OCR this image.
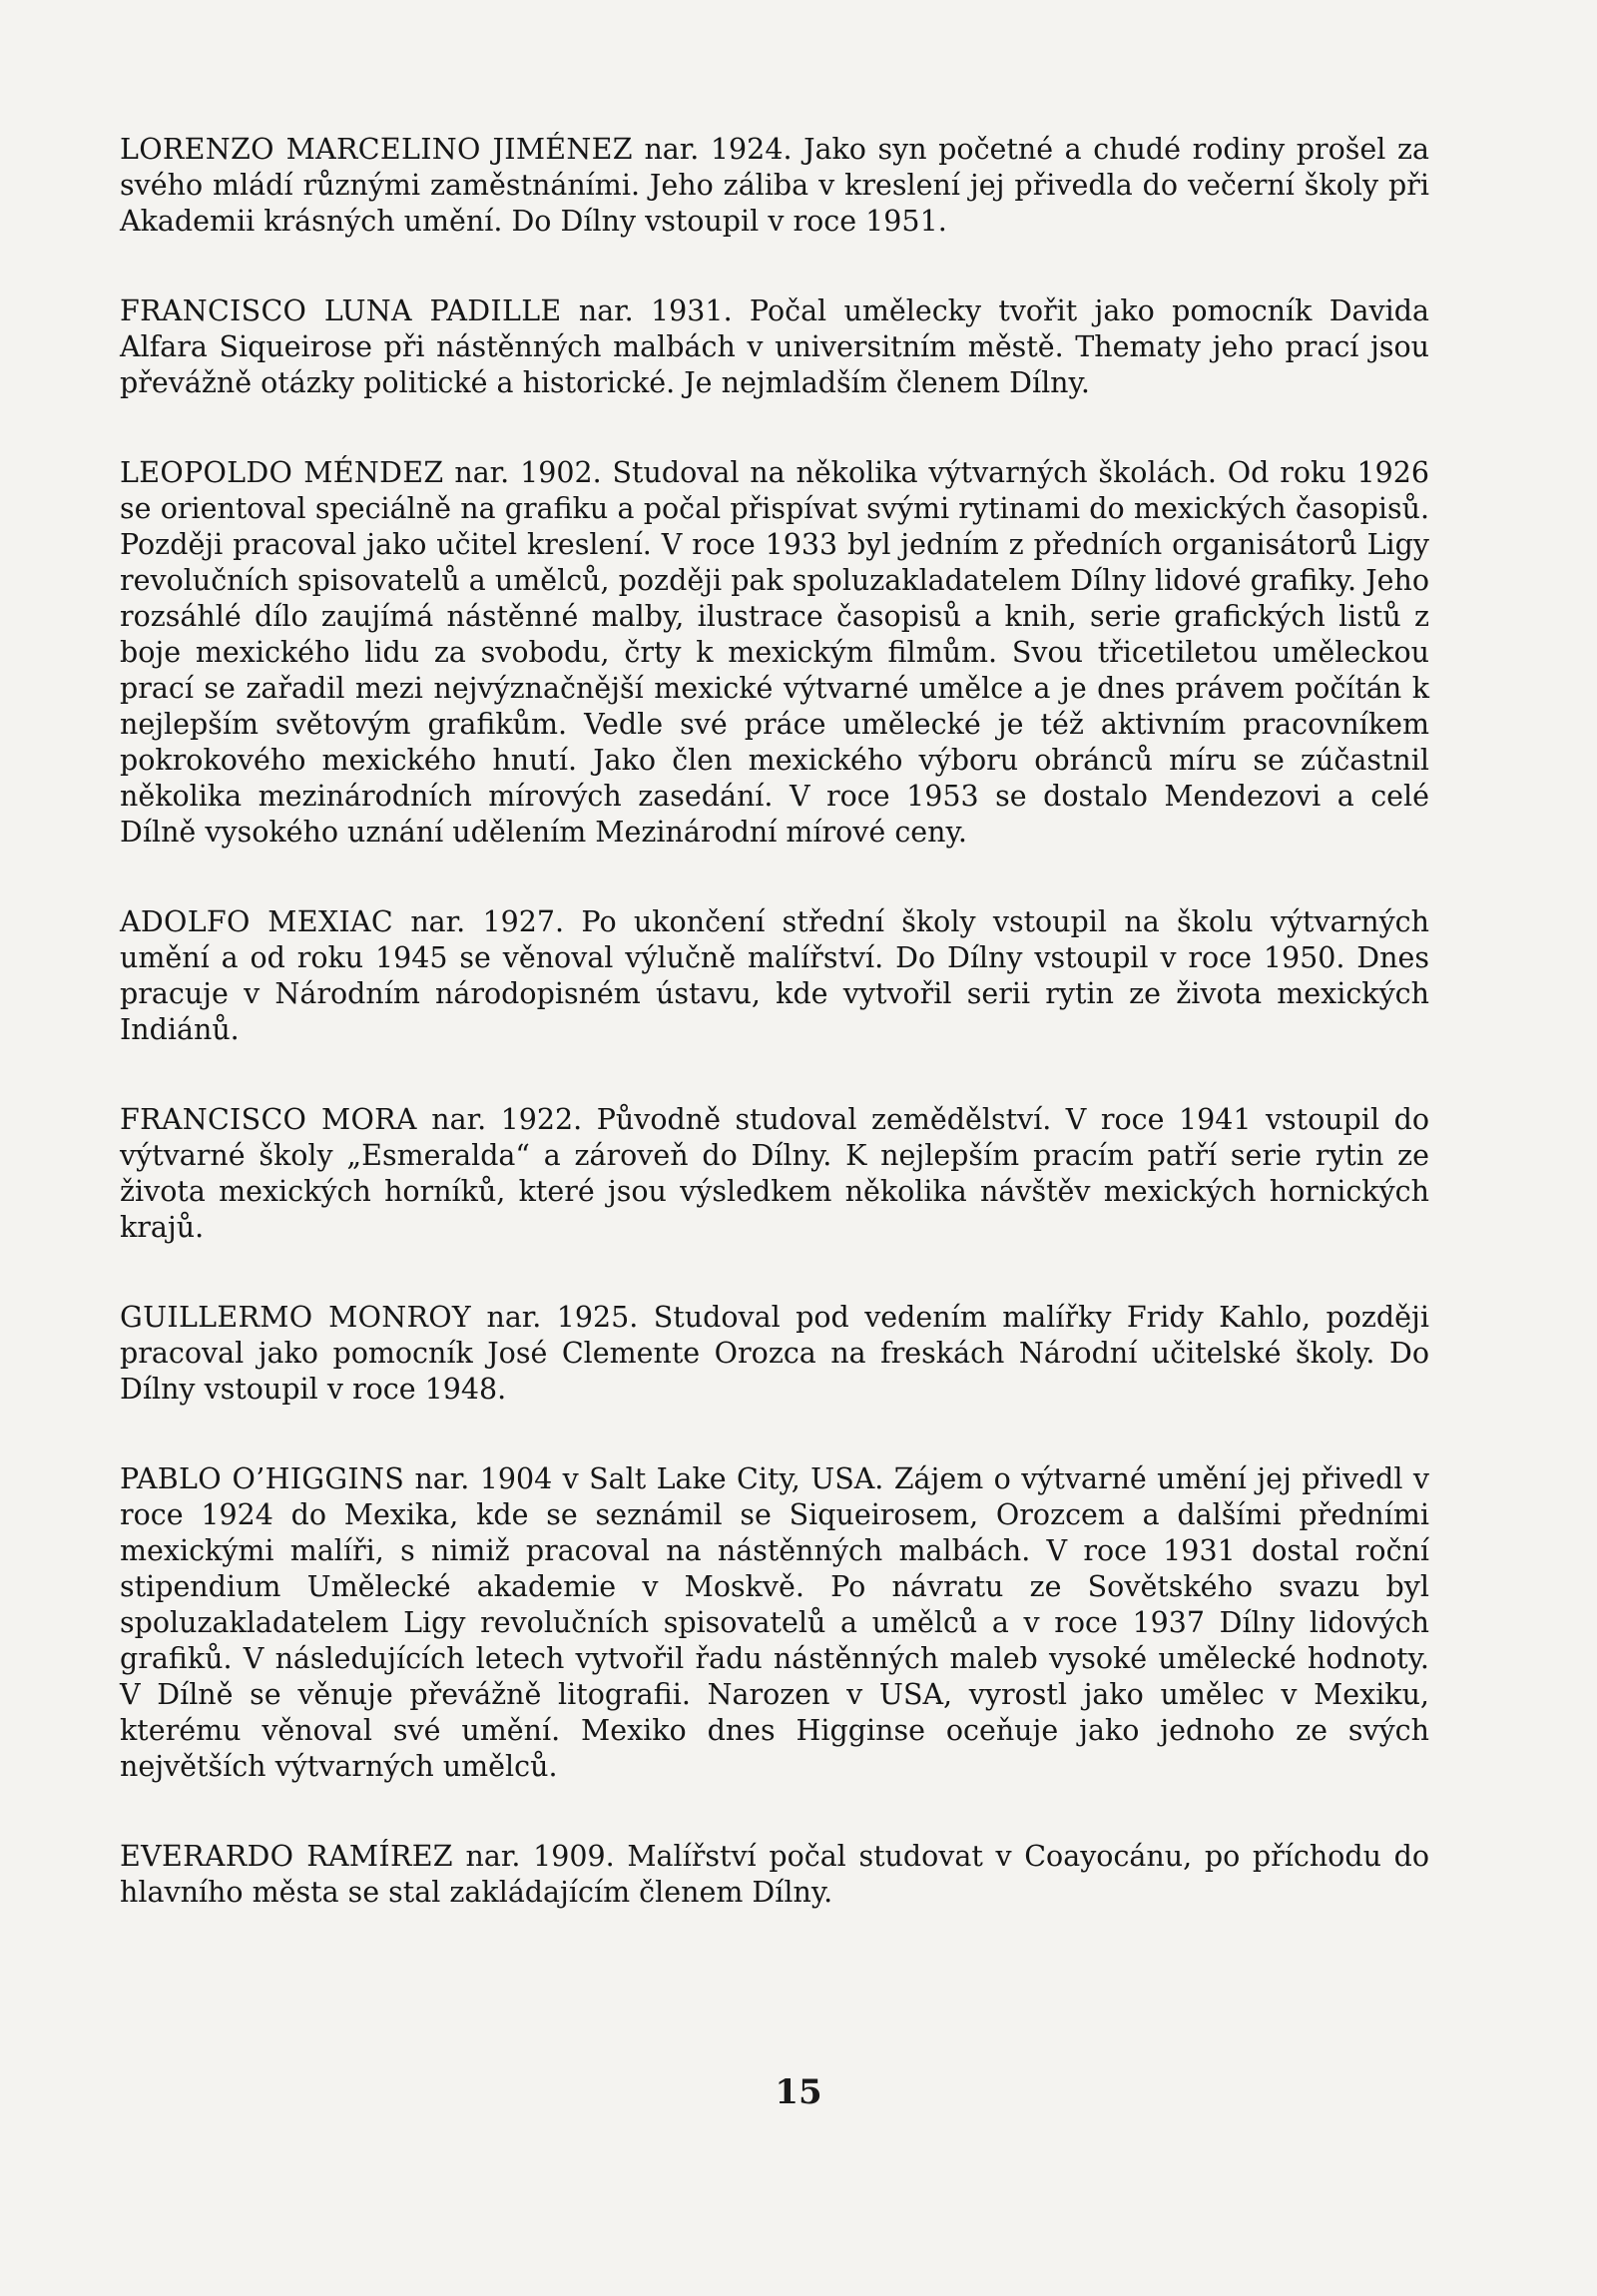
LORENZO MARCELINO JIMÉNEZ nar. 1924. Jako syn početné a chudé rodiny prošel za svého mládí různými zaměstnáními. Jeho záliba v kreslení jej přivedla do večerní školy při Akademii krásných umění. Do Dílny vstoupil v roce 1951.

FRANCISCO LUNA PADILLE nar. 1931. Počal umělecky tvořit jako pomocník Davida Alfara Siqueirose při nástěnných malbách v universitním městě. Thematy jeho prací jsou převážně otázky politické a historické. Je nejmladším členem Dílny.

LEOPOLDO MÉNDEZ nar. 1902. Studoval na několika výtvarných školách. Od roku 1926 se orientoval speciálně na grafiku a počal přispívat svými rytinami do mexických časopisů. Později pracoval jako učitel kreslení. V roce 1933 byl jedním z předních organisátorů Ligy revolučních spisovatelů a umělců, později pak spoluzakladatelem Dílny lidové grafiky. Jeho rozsáhlé dílo zaujímá nástěnné malby, ilustrace časopisů a knih, serie grafických listů z boje mexického lidu za svobodu, črty k mexickým filmům. Svou třicetiletou uměleckou prací se zařadil mezi nejvýznačnější mexické výtvarné umělce a je dnes právem počítán k nejlepším světovým grafikům. Vedle své práce umělecké je též aktivním pracovníkem pokrokového mexického hnutí. Jako člen mexického výboru obránců míru se zúčastnil několika mezinárodních mírových zasedání. V roce 1953 se dostalo Mendezovi a celé Dílně vysokého uznání udělením Mezinárodní mírové ceny.

ADOLFO MEXIAC nar. 1927. Po ukončení střední školy vstoupil na školu výtvarných umění a od roku 1945 se věnoval výlučně malířství. Do Dílny vstoupil v roce 1950. Dnes pracuje v Národním národopisném ústavu, kde vytvořil serii rytin ze života mexických Indiánů.

FRANCISCO MORA nar. 1922. Původně studoval zemědělství. V roce 1941 vstoupil do výtvarné školy „Esmeralda“ a zároveň do Dílny. K nejlepším pracím patří serie rytin ze života mexických horníků, které jsou výsledkem několika návštěv mexických hornických krajů.

GUILLERMO MONROY nar. 1925. Studoval pod vedením malířky Fridy Kahlo, později pracoval jako pomocník José Clemente Orozca na freskách Národní učitelské školy. Do Dílny vstoupil v roce 1948.

PABLO O’HIGGINS nar. 1904 v Salt Lake City, USA. Zájem o výtvarné umění jej přivedl v roce 1924 do Mexika, kde se seznámil se Siqueirosem, Orozcem a dalšími předními mexickými malíři, s nimiž pracoval na nástěnných malbách. V roce 1931 dostal roční stipendium Umělecké akademie v Moskvě. Po návratu ze Sovětského svazu byl spoluzakladatelem Ligy revolučních spisovatelů a umělců a v roce 1937 Dílny lidových grafiků. V následujících letech vytvořil řadu nástěnných maleb vysoké umělecké hodnoty. V Dílně se věnuje převážně litografii. Narozen v USA, vyrostl jako umělec v Mexiku, kterému věnoval své umění. Mexiko dnes Higginse oceňuje jako jednoho ze svých největších výtvarných umělců.

EVERARDO RAMÍREZ nar. 1909. Malířství počal studovat v Coayocánu, po příchodu do hlavního města se stal zakládajícím členem Dílny.

15
